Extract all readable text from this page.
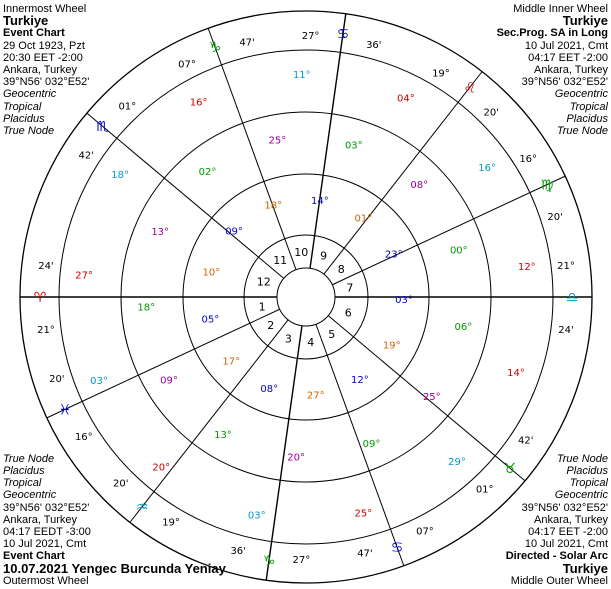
♈
21°
24'
♓
16°
20'
♒
19°
20'
♑ 27°
36'	♋
07°
47'
♉
42'
01°
♎
21°
24'
♍
16°
20'
♌
19°
20'
♋
27°
36'
♑
07°
47'
♏
42'
01°
1
2
3 4
5
6
7
8
9
10
11
12
12°
00°
23°
16°
08°
01°
04°
03°
14°
11°
25°
18°
16°
02°
09°
18°
13°
10°
27°
18°
05°
03°	09°
17°
20°
13°
08°
03°
20°
27°
25°
09°
12°
29°
25°
19°
14°
06°
03°
Innermost Wheel
Turkiye
Event Chart
29 Oct 1923, Pzt
20:30 EET -2:00
Ankara, Turkey
39°N56' 032°E52'
Geocentric
Tropical
Placidus
True Node
Middle Inner Wheel
Turkiye
Sec.Prog. SA in Long
10 Jul 2021, Cmt
04:17 EET -2:00
Ankara, Turkey
39°N56' 032°E52'
Geocentric
Tropical
Placidus
True Node
True Node
Placidus
Tropical
Geocentric
39°N56' 032°E52'
Ankara, Turkey
04:17 EEDT -3:00
10 Jul 2021, Cmt
Event Chart
10.07.2021 Yengec Burcunda Yeniay
Outermost Wheel
True Node
Placidus
Tropical
Geocentric
39°N56' 032°E52'
Ankara, Turkey
04:17 EET -2:00
10 Jul 2021, Cmt
Directed - Solar Arc
Turkiye
Middle Outer Wheel
